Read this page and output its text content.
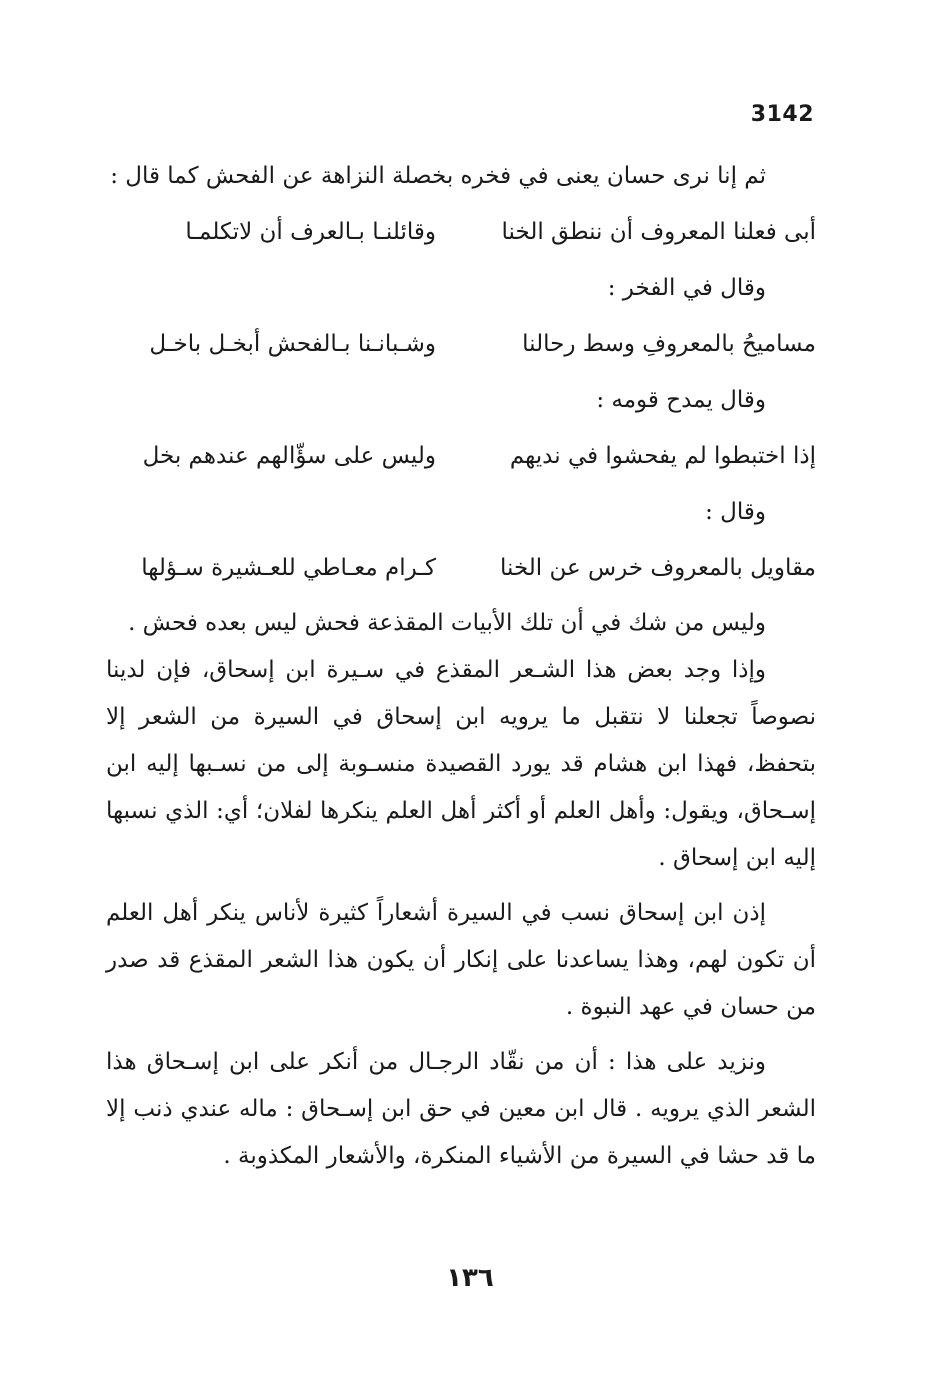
3142

ثم إنا نرى حسان يعنى في فخره بخصلة النزاهة عن الفحش كما قال :

أبى فعلنا المعروف أن ننطق الخنا
وقائلنـا بـالعرف أن لاتكلمـا

وقال في الفخر :

مساميحُ بالمعروفِ وسط رحالنا
وشـبانـنا بـالفحش أبخـل باخـل

وقال يمدح قومه :

إذا اختبطوا لم يفحشوا في نديهم
وليس على سؤّالهم عندهم بخل

وقال :

مقاويل بالمعروف خرس عن الخنا
كـرام معـاطي للعـشيرة سـؤلها

وليس من شك في أن تلك الأبيات المقذعة فحش ليس بعده فحش .

وإذا وجد بعض هذا الشـعر المقذع في سـيرة ابن إسحاق، فإن لدينا نصوصاً تجعلنا لا نتقبل ما يرويه ابن إسحاق في السيرة من الشعر إلا بتحفظ، فهذا ابن هشام قد يورد القصيدة منسـوبة إلى من نسـبها إليه ابن إسـحاق، ويقول: وأهل العلم أو أكثر أهل العلم ينكرها لفلان؛ أي: الذي نسبها إليه ابن إسحاق .

إذن ابن إسحاق نسب في السيرة أشعاراً كثيرة لأناس ينكر أهل العلم أن تكون لهم، وهذا يساعدنا على إنكار أن يكون هذا الشعر المقذع قد صدر من حسان في عهد النبوة .

ونزيد على هذا : أن من نقّاد الرجـال من أنكر على ابن إسـحاق هذا الشعر الذي يرويه . قال ابن معين في حق ابن إسـحاق : ماله عندي ذنب إلا ما قد حشا في السيرة من الأشياء المنكرة، والأشعار المكذوبة .

١٣٦
